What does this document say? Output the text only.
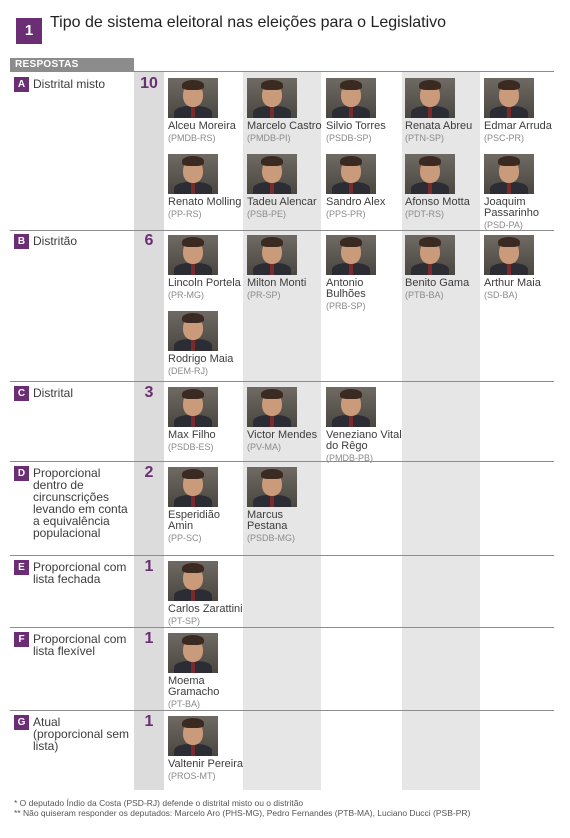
1	Tipo de sistema eleitoral nas eleições para o Legislativo
RESPOSTAS
A Distrital misto	10
Alceu Moreira
(PMDB-RS)
Marcelo Castro
(PMDB-PI)
Silvio Torres
(PSDB-SP)
Renata Abreu
(PTN-SP)
Edmar Arruda
(PSC-PR)
Renato Molling
(PP-RS)
Tadeu Alencar
(PSB-PE)
Sandro Alex
(PPS-PR)
Afonso Motta
(PDT-RS)
Joaquim Passarinho
(PSD-PA)
B Distritão	6
Lincoln Portela
(PR-MG)
Milton Monti
(PR-SP)
Antonio Bulhões
(PRB-SP)
Benito Gama
(PTB-BA)
Arthur Maia
(SD-BA)
Rodrigo Maia
(DEM-RJ)
C Distrital	3
Max Filho
(PSDB-ES)
Victor Mendes
(PV-MA)
Veneziano Vital do Rêgo
(PMDB-PB)
D Proporcional dentro de circunscrições levando em conta a equivalência populacional
2
Esperidião Amin
(PP-SC)
Marcus Pestana
(PSDB-MG)
E Proporcional com lista fechada
1
Carlos Zarattini
(PT-SP)
F Proporcional com lista flexível
1
Moema Gramacho
(PT-BA)
G Atual (proporcional sem lista)
1
Valtenir Pereira
(PROS-MT)
* O deputado Índio da Costa (PSD-RJ) defende o distrital misto ou o distritão
** Não quiseram responder os deputados: Marcelo Aro (PHS-MG), Pedro Fernandes (PTB-MA), Luciano Ducci (PSB-PR)
